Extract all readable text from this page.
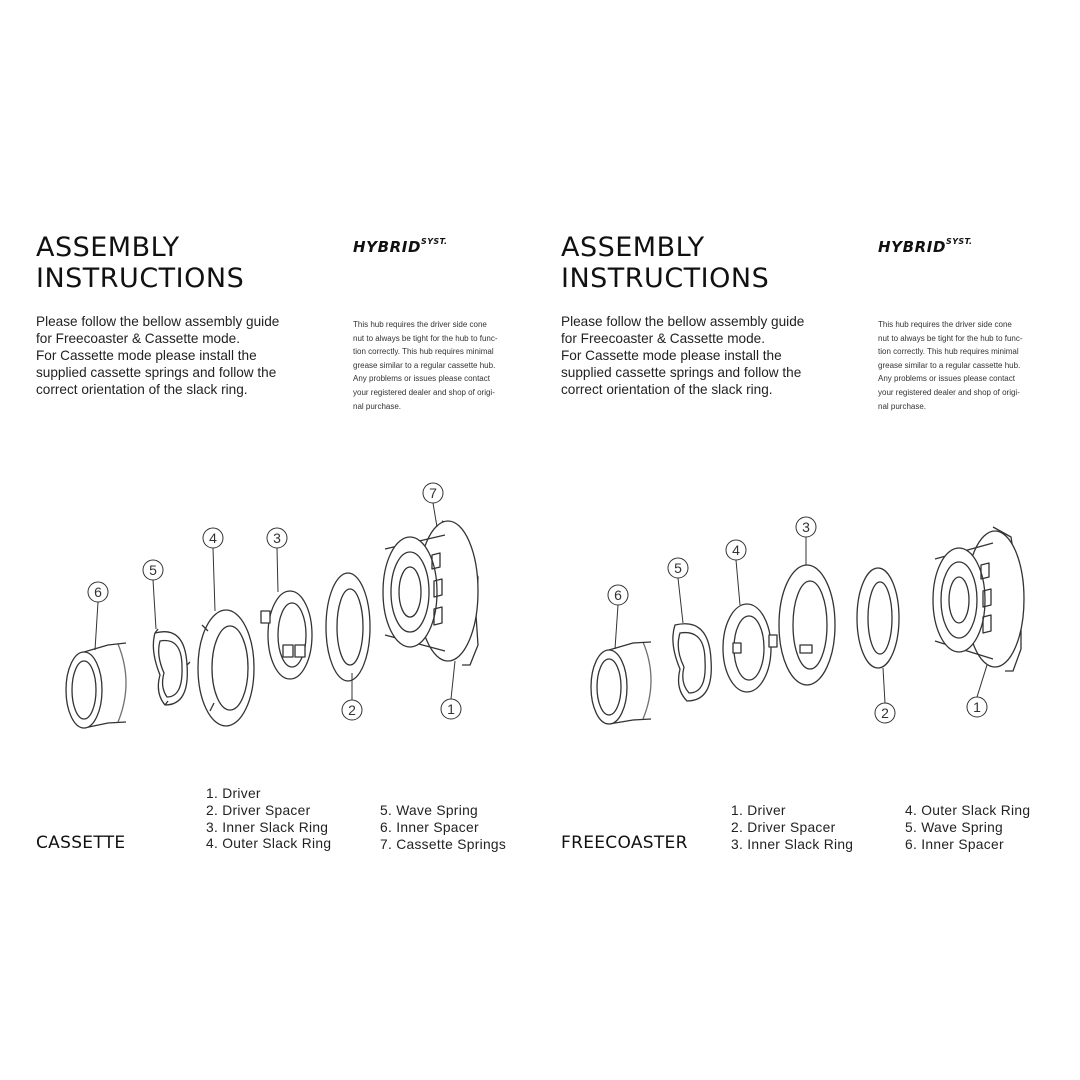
ASSEMBLY
INSTRUCTIONS
$HYBRID^{SYST.}$

Please follow the bellow assembly guide
for Freecoaster & Cassette mode.
For Cassette mode please install the
supplied cassette springs and follow the
correct orientation of the slack ring.

This hub requires the driver side cone
nut to always be tight for the hub to func-
tion correctly. This hub requires minimal
grease similar to a regular cassette hub.
Any problems or issues please contact
your registered dealer and shop of origi-
nal purchase.

7
4	3
5
6
2	1
CASSETTE
1. Driver
2. Driver Spacer
3. Inner Slack Ring
4. Outer Slack Ring
5. Wave Spring
6. Inner Spacer
7. Cassette Springs
ASSEMBLY
INSTRUCTIONS
$HYBRID^{SYST.}$

Please follow the bellow assembly guide
for Freecoaster & Cassette mode.
For Cassette mode please install the
supplied cassette springs and follow the
correct orientation of the slack ring.

This hub requires the driver side cone
nut to always be tight for the hub to func-
tion correctly. This hub requires minimal
grease similar to a regular cassette hub.
Any problems or issues please contact
your registered dealer and shop of origi-
nal purchase.

3
4
5
6
2	1
FREECOASTER
1. Driver
2. Driver Spacer
3. Inner Slack Ring
4. Outer Slack Ring
5. Wave Spring
6. Inner Spacer
